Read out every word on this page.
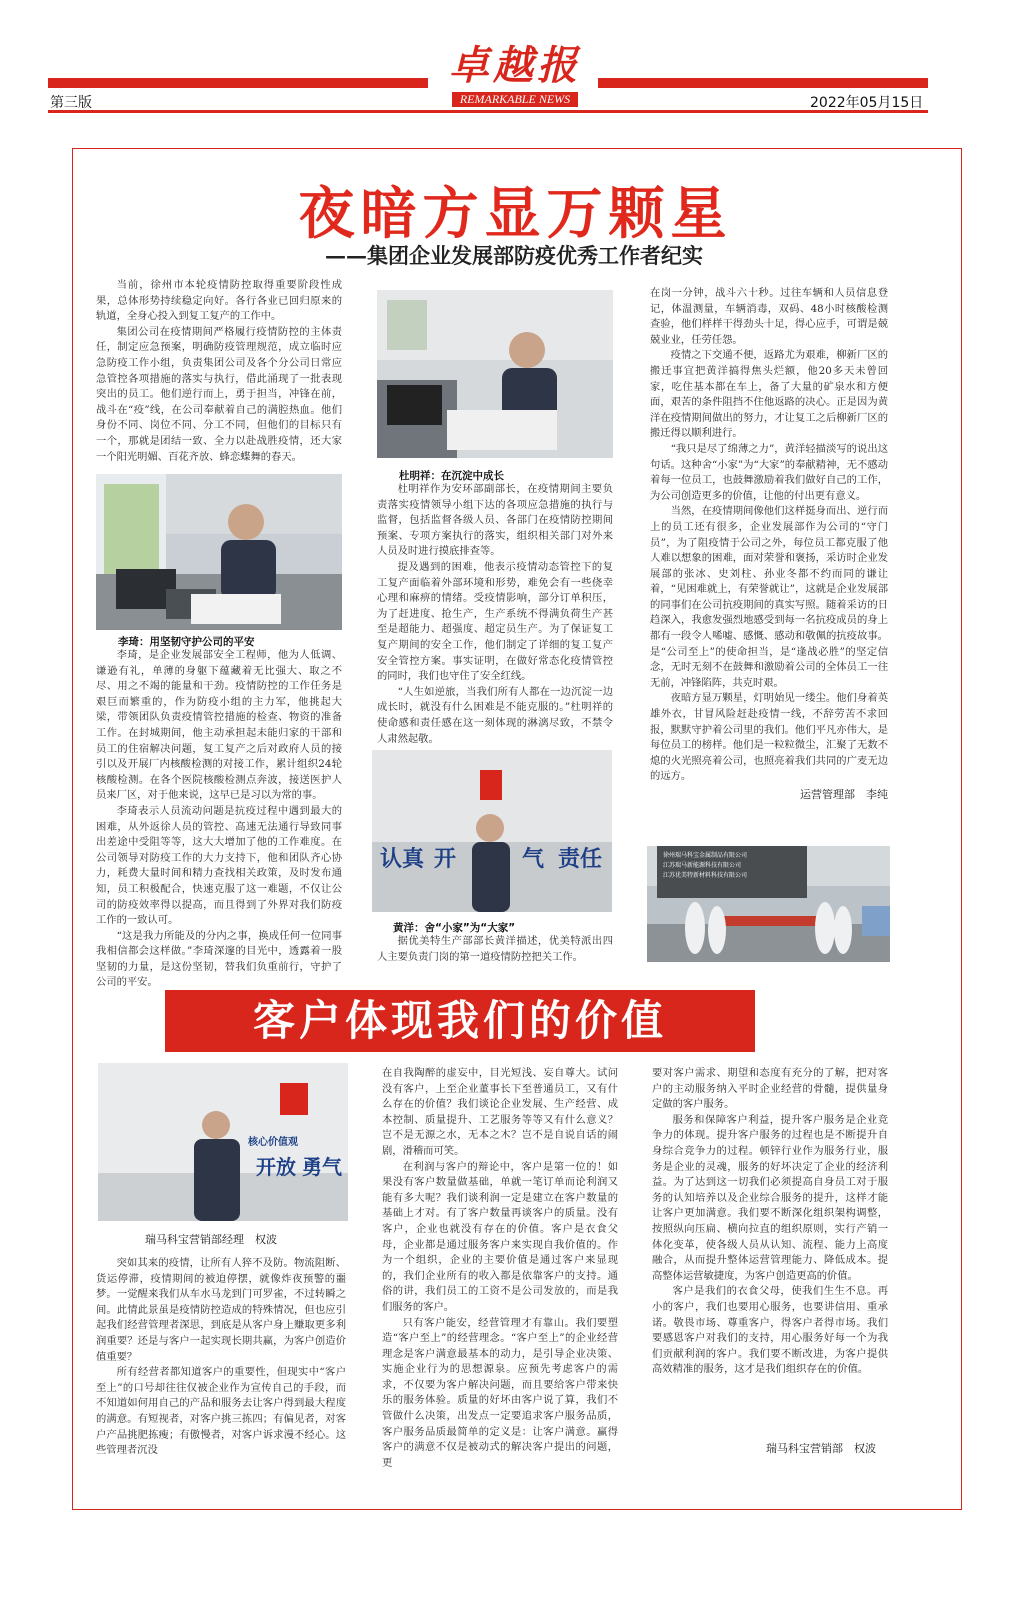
卓越报
REMARKABLE NEWS
第三版	2022年05月15日
夜暗方显万颗星
——集团企业发展部防疫优秀工作者纪实

当前，徐州市本轮疫情防控取得重要阶段性成果，总体形势持续稳定向好。各行各业已回归原来的轨道，全身心投入到复工复产的工作中。

集团公司在疫情期间严格履行疫情防控的主体责任，制定应急预案，明确防疫管理规范，成立临时应急防疫工作小组，负责集团公司及各个分公司日常应急管控各项措施的落实与执行，借此涌现了一批表现突出的员工。他们逆行而上，勇于担当，冲锋在前，战斗在“疫”线，在公司奉献着自己的满腔热血。他们身份不同、岗位不同、分工不同，但他们的目标只有一个，那就是团结一致、全力以赴战胜疫情，还大家一个阳光明媚、百花齐放、蜂恋蝶舞的春天。

李琦：用坚韧守护公司的平安

李琦，是企业发展部安全工程师，他为人低调、谦逊有礼，单薄的身躯下蕴藏着无比强大、取之不尽、用之不竭的能量和干劲。疫情防控的工作任务是艰巨而繁重的，作为防疫小组的主力军，他挑起大梁，带领团队负责疫情管控措施的检查、物资的准备工作。在封城期间，他主动承担起未能归家的干部和员工的住宿解决问题，复工复产之后对政府人员的接引以及开展厂内核酸检测的对接工作，累计组织24轮核酸检测。在各个医院核酸检测点奔波，接送医护人员来厂区，对于他来说，这早已是习以为常的事。

李琦表示人员流动问题是抗疫过程中遇到最大的困难，从外返徐人员的管控、高速无法通行导致同事出差途中受阻等等，这大大增加了他的工作难度。在公司领导对防疫工作的大力支持下，他和团队齐心协力，耗费大量时间和精力查找相关政策，及时发布通知，员工积极配合，快速克服了这一难题，不仅让公司的防疫效率得以提高，而且得到了外界对我们防疫工作的一致认可。

“这是我力所能及的分内之事，换成任何一位同事我相信都会这样做。”李琦深邃的目光中，透露着一股坚韧的力量，是这份坚韧，替我们负重前行，守护了公司的平安。

杜明祥：在沉淀中成长

杜明祥作为安环部副部长，在疫情期间主要负责落实疫情领导小组下达的各项应急措施的执行与监督，包括监督各级人员、各部门在疫情防控期间预案、专项方案执行的落实，组织相关部门对外来人员及时进行摸底排查等。

提及遇到的困难，他表示疫情动态管控下的复工复产面临着外部环境和形势，难免会有一些侥幸心理和麻痹的情绪。受疫情影响，部分订单积压，为了赶进度、抢生产，生产系统不得满负荷生产甚至是超能力、超强度、超定员生产。为了保证复工复产期间的安全工作，他们制定了详细的复工复产安全管控方案。事实证明，在做好常态化疫情管控的同时，我们也守住了安全红线。

“人生如逆旅，当我们所有人都在一边沉淀一边成长时，就没有什么困难是不能克服的。”杜明祥的使命感和责任感在这一刻体现的淋漓尽致，不禁令人肃然起敬。

认真 开	气 责任
黄洋：舍“小家”为“大家”

据优美特生产部部长黄洋描述，优美特派出四人主要负责门岗的第一道疫情防控把关工作。

在岗一分钟，战斗六十秒。过往车辆和人员信息登记，体温测量，车辆消毒，双码、48小时核酸检测查验，他们样样干得劲头十足，得心应手，可谓是兢兢业业，任劳任怨。

疫情之下交通不便，返路尤为艰难，柳新厂区的搬迁事宜把黄洋搞得焦头烂额，他20多天未曾回家，吃住基本都在车上，备了大量的矿泉水和方便面，艰苦的条件阻挡不住他返路的决心。正是因为黄洋在疫情期间做出的努力，才让复工之后柳新厂区的搬迁得以顺利进行。

“我只是尽了绵薄之力”，黄洋轻描淡写的说出这句话。这种舍“小家”为“大家”的奉献精神，无不感动着每一位员工，也鼓舞激励着我们做好自己的工作，为公司创造更多的价值，让他的付出更有意义。

当然，在疫情期间像他们这样挺身而出、逆行而上的员工还有很多，企业发展部作为公司的“守门员”，为了阻疫情于公司之外，每位员工都克服了他人难以想象的困难，面对荣誉和褒扬，采访时企业发展部的张冰、史刘柱、孙业冬都不约而同的谦让着，“见困难就上，有荣誉就让”，这就是企业发展部的同事们在公司抗疫期间的真实写照。随着采访的日趋深入，我愈发强烈地感受到每一名抗疫成员的身上都有一段令人唏嘘、感慨、感动和敬佩的抗疫故事。是“公司至上”的使命担当，是“逢战必胜”的坚定信念，无时无刻不在鼓舞和激励着公司的全体员工一往无前，冲锋陷阵，共克时艰。

夜暗方显万颗星，灯明始见一缕尘。他们身着英雄外衣，甘冒风险赶赴疫情一线，不辞劳苦不求回报，默默守护着公司里的我们。他们平凡亦伟大，是每位员工的榜样。他们是一粒粒微尘，汇聚了无数不熄的火光照亮着公司，也照亮着我们共同的广麦无边的远方。

运营管理部　李纯
徐州瑞马科宝金属制品有限公司
江苏瑞马新能源科技有限公司
江苏优美特新材料科技有限公司
客户体现我们的价值
核心价值观
开放 勇气
瑞马科宝营销部经理　权波

突如其来的疫情，让所有人猝不及防。物流阻断、货运停滞，疫情期间的被迫停摆，就像炸夜预警的噩梦。一觉醒来我们从车水马龙到门可罗雀，不过转瞬之间。此情此景虽是疫情防控造成的特殊情况，但也应引起我们经营管理者深思，到底是从客户身上赚取更多利润重要？还是与客户一起实现长期共赢，为客户创造价值重要？

所有经营者都知道客户的重要性，但现实中“客户至上”的口号却往往仅被企业作为宣传自己的手段，而不知道如何用自己的产品和服务去让客户得到最大程度的满意。有短视者，对客户挑三拣四；有偏见者，对客户产品挑肥拣瘦；有傲慢者，对客户诉求漫不经心。这些管理者沉没

在自我陶醉的虚妄中，目光短浅、妄自尊大。试问没有客户，上至企业董事长下至普通员工，又有什么存在的价值？我们谈论企业发展、生产经营、成本控制、质量提升、工艺服务等等又有什么意义？岂不是无源之水，无本之木？岂不是自说自话的闹剧，滑稽而可笑。

在利润与客户的辩论中，客户是第一位的！如果没有客户数量做基础，单就一笔订单而论利润又能有多大呢？我们谈利润一定是建立在客户数量的基础上才对。有了客户数量再谈客户的质量。没有客户，企业也就没有存在的价值。客户是衣食父母，企业都是通过服务客户来实现自我价值的。作为一个组织，企业的主要价值是通过客户来显现的，我们企业所有的收入都是依靠客户的支持。通俗的讲，我们员工的工资不是公司发放的，而是我们服务的客户。

只有客户能安，经营管理才有靠山。我们要塑造“客户至上”的经营理念。“客户至上”的企业经营理念是客户满意最基本的动力，是引导企业决策、实施企业行为的思想源泉。应预先考虑客户的需求，不仅要为客户解决问题，而且要给客户带来快乐的服务体验。质量的好坏由客户说了算，我们不管做什么决策，出发点一定要追求客户服务品质，客户服务品质最简单的定义是：让客户满意。赢得客户的满意不仅是被动式的解决客户提出的问题，更

要对客户需求、期望和态度有充分的了解，把对客户的主动服务纳入平时企业经营的骨髓，提供量身定做的客户服务。

服务和保障客户利益，提升客户服务是企业竞争力的体现。提升客户服务的过程也是不断提升自身综合竞争力的过程。顿锌行业作为服务行业，服务是企业的灵魂，服务的好坏决定了企业的经济利益。为了达到这一切我们必须提高自身员工对于服务的认知培养以及企业综合服务的提升，这样才能让客户更加满意。我们要不断深化组织架构调整，按照纵向压扁、横向拉直的组织原则，实行产销一体化变革，使各级人员从认知、流程、能力上高度融合，从而提升整体运营管理能力、降低成本。提高整体运营敏捷度，为客户创造更高的价值。

客户是我们的衣食父母，使我们生生不息。再小的客户，我们也要用心服务，也要讲信用、重承诺。敬畏市场、尊重客户，得客户者得市场。我们要感恩客户对我们的支持，用心服务好每一个为我们贡献利润的客户。我们要不断改进，为客户提供高效精准的服务，这才是我们组织存在的价值。

瑞马科宝营销部　权波
